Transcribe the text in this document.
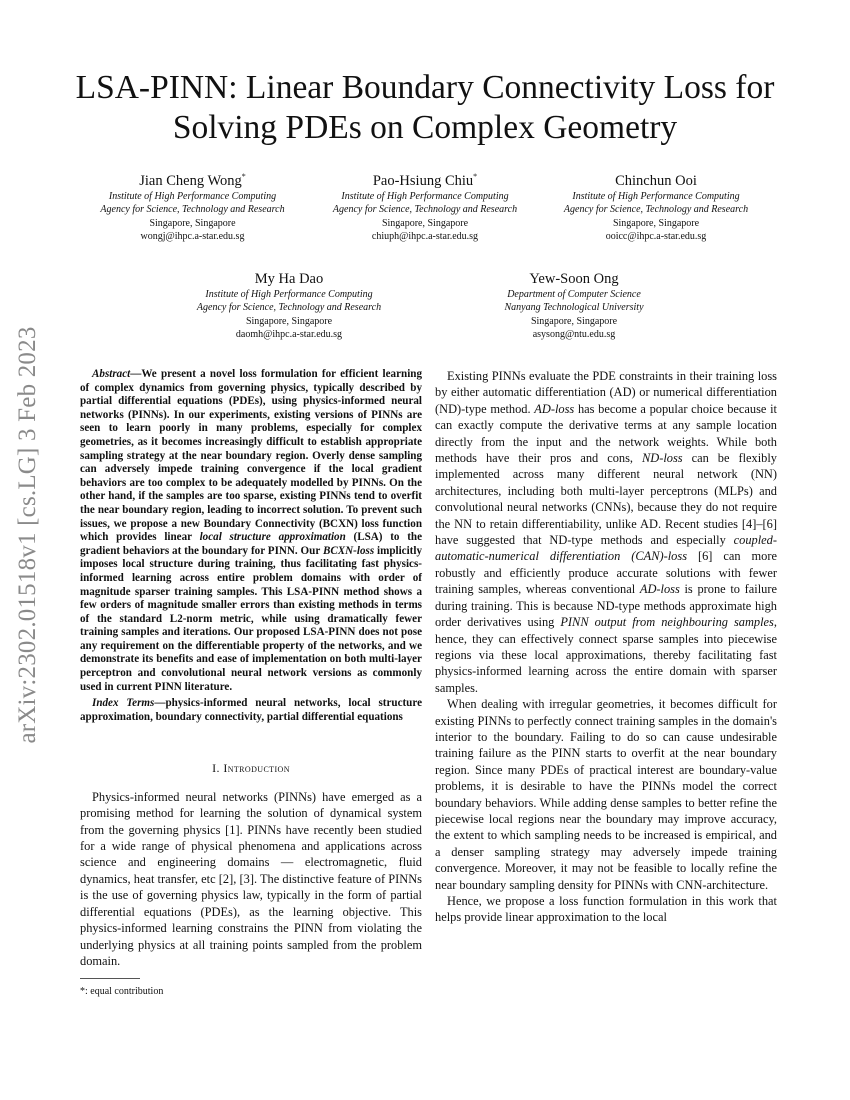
arXiv:2302.01518v1 [cs.LG] 3 Feb 2023
LSA-PINN: Linear Boundary Connectivity Loss for Solving PDEs on Complex Geometry
Jian Cheng Wong*
Institute of High Performance Computing
Agency for Science, Technology and Research
Singapore, Singapore
wongj@ihpc.a-star.edu.sg
Pao-Hsiung Chiu*
Institute of High Performance Computing
Agency for Science, Technology and Research
Singapore, Singapore
chiuph@ihpc.a-star.edu.sg
Chinchun Ooi
Institute of High Performance Computing
Agency for Science, Technology and Research
Singapore, Singapore
ooicc@ihpc.a-star.edu.sg
My Ha Dao
Institute of High Performance Computing
Agency for Science, Technology and Research
Singapore, Singapore
daomh@ihpc.a-star.edu.sg
Yew-Soon Ong
Department of Computer Science
Nanyang Technological University
Singapore, Singapore
asysong@ntu.edu.sg

Abstract—We present a novel loss formulation for efficient learning of complex dynamics from governing physics, typically described by partial differential equations (PDEs), using physics-informed neural networks (PINNs). In our experiments, existing versions of PINNs are seen to learn poorly in many problems, especially for complex geometries, as it becomes increasingly difficult to establish appropriate sampling strategy at the near boundary region. Overly dense sampling can adversely impede training convergence if the local gradient behaviors are too complex to be adequately modelled by PINNs. On the other hand, if the samples are too sparse, existing PINNs tend to overfit the near boundary region, leading to incorrect solution. To prevent such issues, we propose a new Boundary Connectivity (BCXN) loss function which provides linear local structure approximation (LSA) to the gradient behaviors at the boundary for PINN. Our BCXN-loss implicitly imposes local structure during training, thus facilitating fast physics-informed learning across entire problem domains with order of magnitude sparser training samples. This LSA-PINN method shows a few orders of magnitude smaller errors than existing methods in terms of the standard L2-norm metric, while using dramatically fewer training samples and iterations. Our proposed LSA-PINN does not pose any requirement on the differentiable property of the networks, and we demonstrate its benefits and ease of implementation on both multi-layer perceptron and convolutional neural network versions as commonly used in current PINN literature.

Index Terms—physics-informed neural networks, local structure approximation, boundary connectivity, partial differential equations

I. Introduction

Physics-informed neural networks (PINNs) have emerged as a promising method for learning the solution of dynamical system from the governing physics [1]. PINNs have recently been studied for a wide range of physical phenomena and applications across science and engineering domains — electromagnetic, fluid dynamics, heat transfer, etc [2], [3]. The distinctive feature of PINNs is the use of governing physics law, typically in the form of partial differential equations (PDEs), as the learning objective. This physics-informed learning constrains the PINN from violating the underlying physics at all training points sampled from the problem domain.

Existing PINNs evaluate the PDE constraints in their training loss by either automatic differentiation (AD) or numerical differentiation (ND)-type method. AD-loss has become a popular choice because it can exactly compute the derivative terms at any sample location directly from the input and the network weights. While both methods have their pros and cons, ND-loss can be flexibly implemented across many different neural network (NN) architectures, including both multi-layer perceptrons (MLPs) and convolutional neural networks (CNNs), because they do not require the NN to retain differentiability, unlike AD. Recent studies [4]–[6] have suggested that ND-type methods and especially coupled-automatic-numerical differentiation (CAN)-loss [6] can more robustly and efficiently produce accurate solutions with fewer training samples, whereas conventional AD-loss is prone to failure during training. This is because ND-type methods approximate high order derivatives using PINN output from neighbouring samples, hence, they can effectively connect sparse samples into piecewise regions via these local approximations, thereby facilitating fast physics-informed learning across the entire domain with sparser samples.

When dealing with irregular geometries, it becomes difficult for existing PINNs to perfectly connect training samples in the domain's interior to the boundary. Failing to do so can cause undesirable training failure as the PINN starts to overfit at the near boundary region. Since many PDEs of practical interest are boundary-value problems, it is desirable to have the PINNs model the correct boundary behaviors. While adding dense samples to better refine the piecewise local regions near the boundary may improve accuracy, the extent to which sampling needs to be increased is empirical, and a denser sampling strategy may adversely impede training convergence. Moreover, it may not be feasible to locally refine the near boundary sampling density for PINNs with CNN-architecture.

Hence, we propose a loss function formulation in this work that helps provide linear approximation to the local

*: equal contribution
